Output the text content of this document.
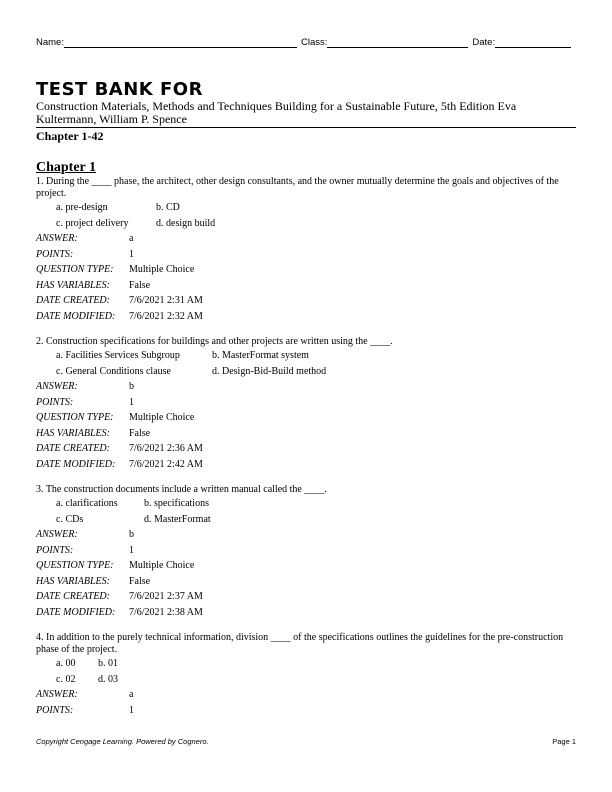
Name:	Class:	Date:
TEST BANK FOR
Construction Materials, Methods and Techniques Building for a Sustainable Future, 5th Edition Eva
Kultermann, William P. Spence
Chapter 1-42
Chapter 1
1. During the ____ phase, the architect, other design consultants, and the owner mutually determine the goals and objectives of the project.
a. pre-design	b. CD
c. project delivery	d. design build
ANSWER:	a
POINTS:	1
QUESTION TYPE:	Multiple Choice
HAS VARIABLES:	False
DATE CREATED:	7/6/2021 2:31 AM
DATE MODIFIED:	7/6/2021 2:32 AM
2. Construction specifications for buildings and other projects are written using the ____.
a. Facilities Services Subgroup	b. MasterFormat system
c. General Conditions clause	d. Design-Bid-Build method
ANSWER:	b
POINTS:	1
QUESTION TYPE:	Multiple Choice
HAS VARIABLES:	False
DATE CREATED:	7/6/2021 2:36 AM
DATE MODIFIED:	7/6/2021 2:42 AM
3. The construction documents include a written manual called the ____.
a. clarifications	b. specifications
c. CDs	d. MasterFormat
ANSWER:	b
POINTS:	1
QUESTION TYPE:	Multiple Choice
HAS VARIABLES:	False
DATE CREATED:	7/6/2021 2:37 AM
DATE MODIFIED:	7/6/2021 2:38 AM
4. In addition to the purely technical information, division ____ of the specifications outlines the guidelines for the pre-construction phase of the project.
a. 00	b. 01
c. 02	d. 03
ANSWER:	a
POINTS:	1
Copyright Cengage Learning. Powered by Cognero.	Page 1
